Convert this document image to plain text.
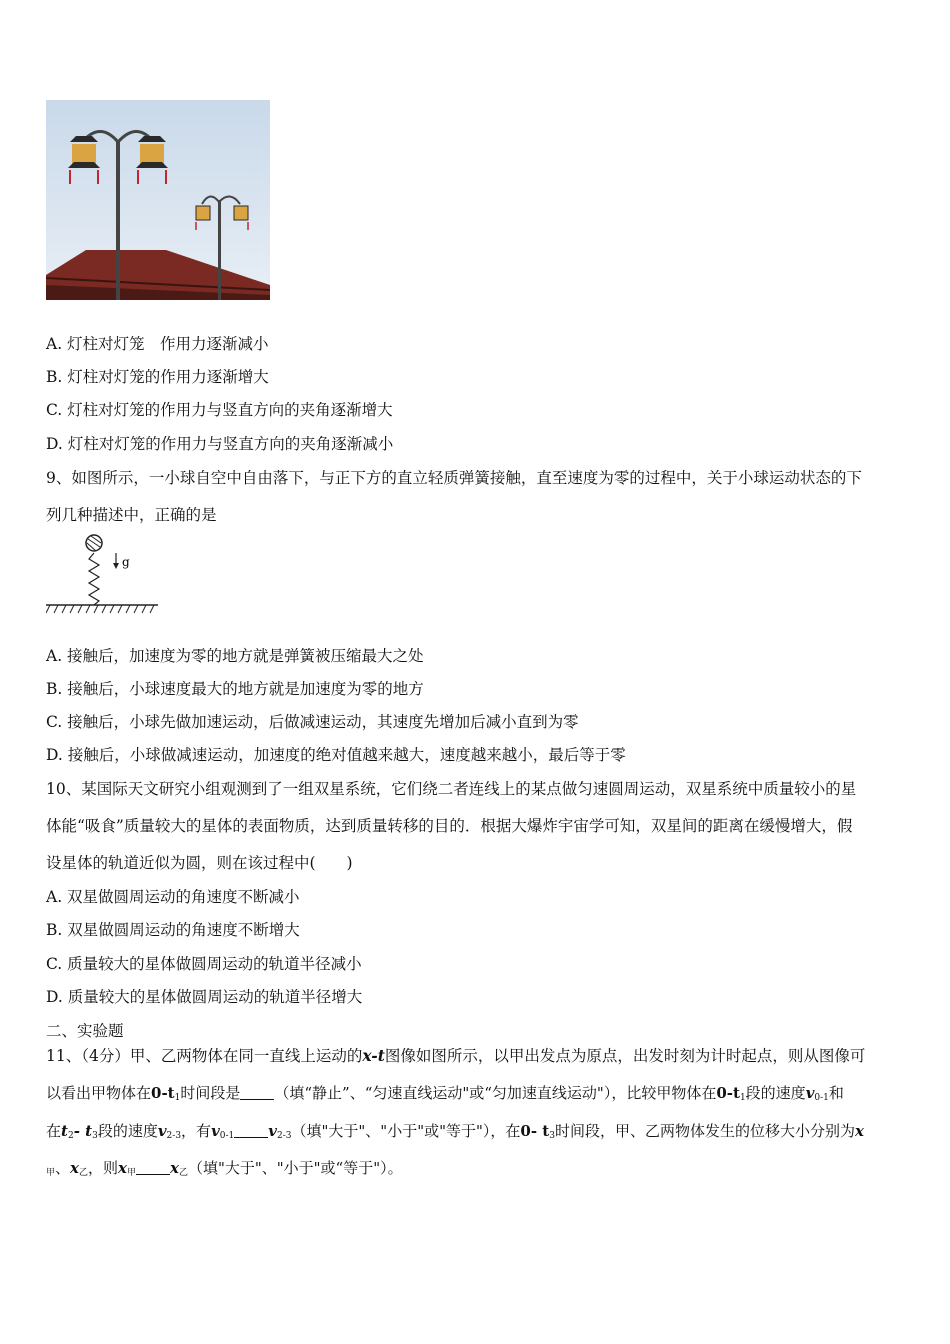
A. 灯柱对灯笼　作用力逐渐减小
B. 灯柱对灯笼的作用力逐渐增大
C. 灯柱对灯笼的作用力与竖直方向的夹角逐渐增大
D. 灯柱对灯笼的作用力与竖直方向的夹角逐渐减小
9、如图所示，一小球自空中自由落下，与正下方的直立轻质弹簧接触，直至速度为零的过程中，关于小球运动状态的下
列几种描述中，正确的是
g
A. 接触后，加速度为零的地方就是弹簧被压缩最大之处
B. 接触后，小球速度最大的地方就是加速度为零的地方
C. 接触后，小球先做加速运动，后做减速运动，其速度先增加后减小直到为零
D. 接触后，小球做减速运动，加速度的绝对值越来越大，速度越来越小，最后等于零
10、某国际天文研究小组观测到了一组双星系统，它们绕二者连线上的某点做匀速圆周运动，双星系统中质量较小的星
体能“吸食”质量较大的星体的表面物质，达到质量转移的目的．根据大爆炸宇宙学可知，双星间的距离在缓慢增大，假
设星体的轨道近似为圆，则在该过程中(　　)
A. 双星做圆周运动的角速度不断减小
B. 双星做圆周运动的角速度不断增大
C. 质量较大的星体做圆周运动的轨道半径减小
D. 质量较大的星体做圆周运动的轨道半径增大
二、实验题
11、（4分）甲、乙两物体在同一直线上运动的x-t图像如图所示，以甲出发点为原点，出发时刻为计时起点，则从图像可
以看出甲物体在$0-t_1$时间段是 （填“静止”、“匀速直线运动"或“匀加速直线运动"），比较甲物体在$0-t_1$段的速度$v_{0-1}$和
在$t_2-$ $t_3$段的速度$v_{2-3}$，有$v_{0-1}$ $v_{2-3}$（填"大于"、"小于"或"等于"），在0- $t_3$时间段，甲、乙两物体发生的位移大小分别为x
$_甲$、$x_乙$，则$x_甲$ $x_乙$（填"大于"、"小于"或“等于"）。
